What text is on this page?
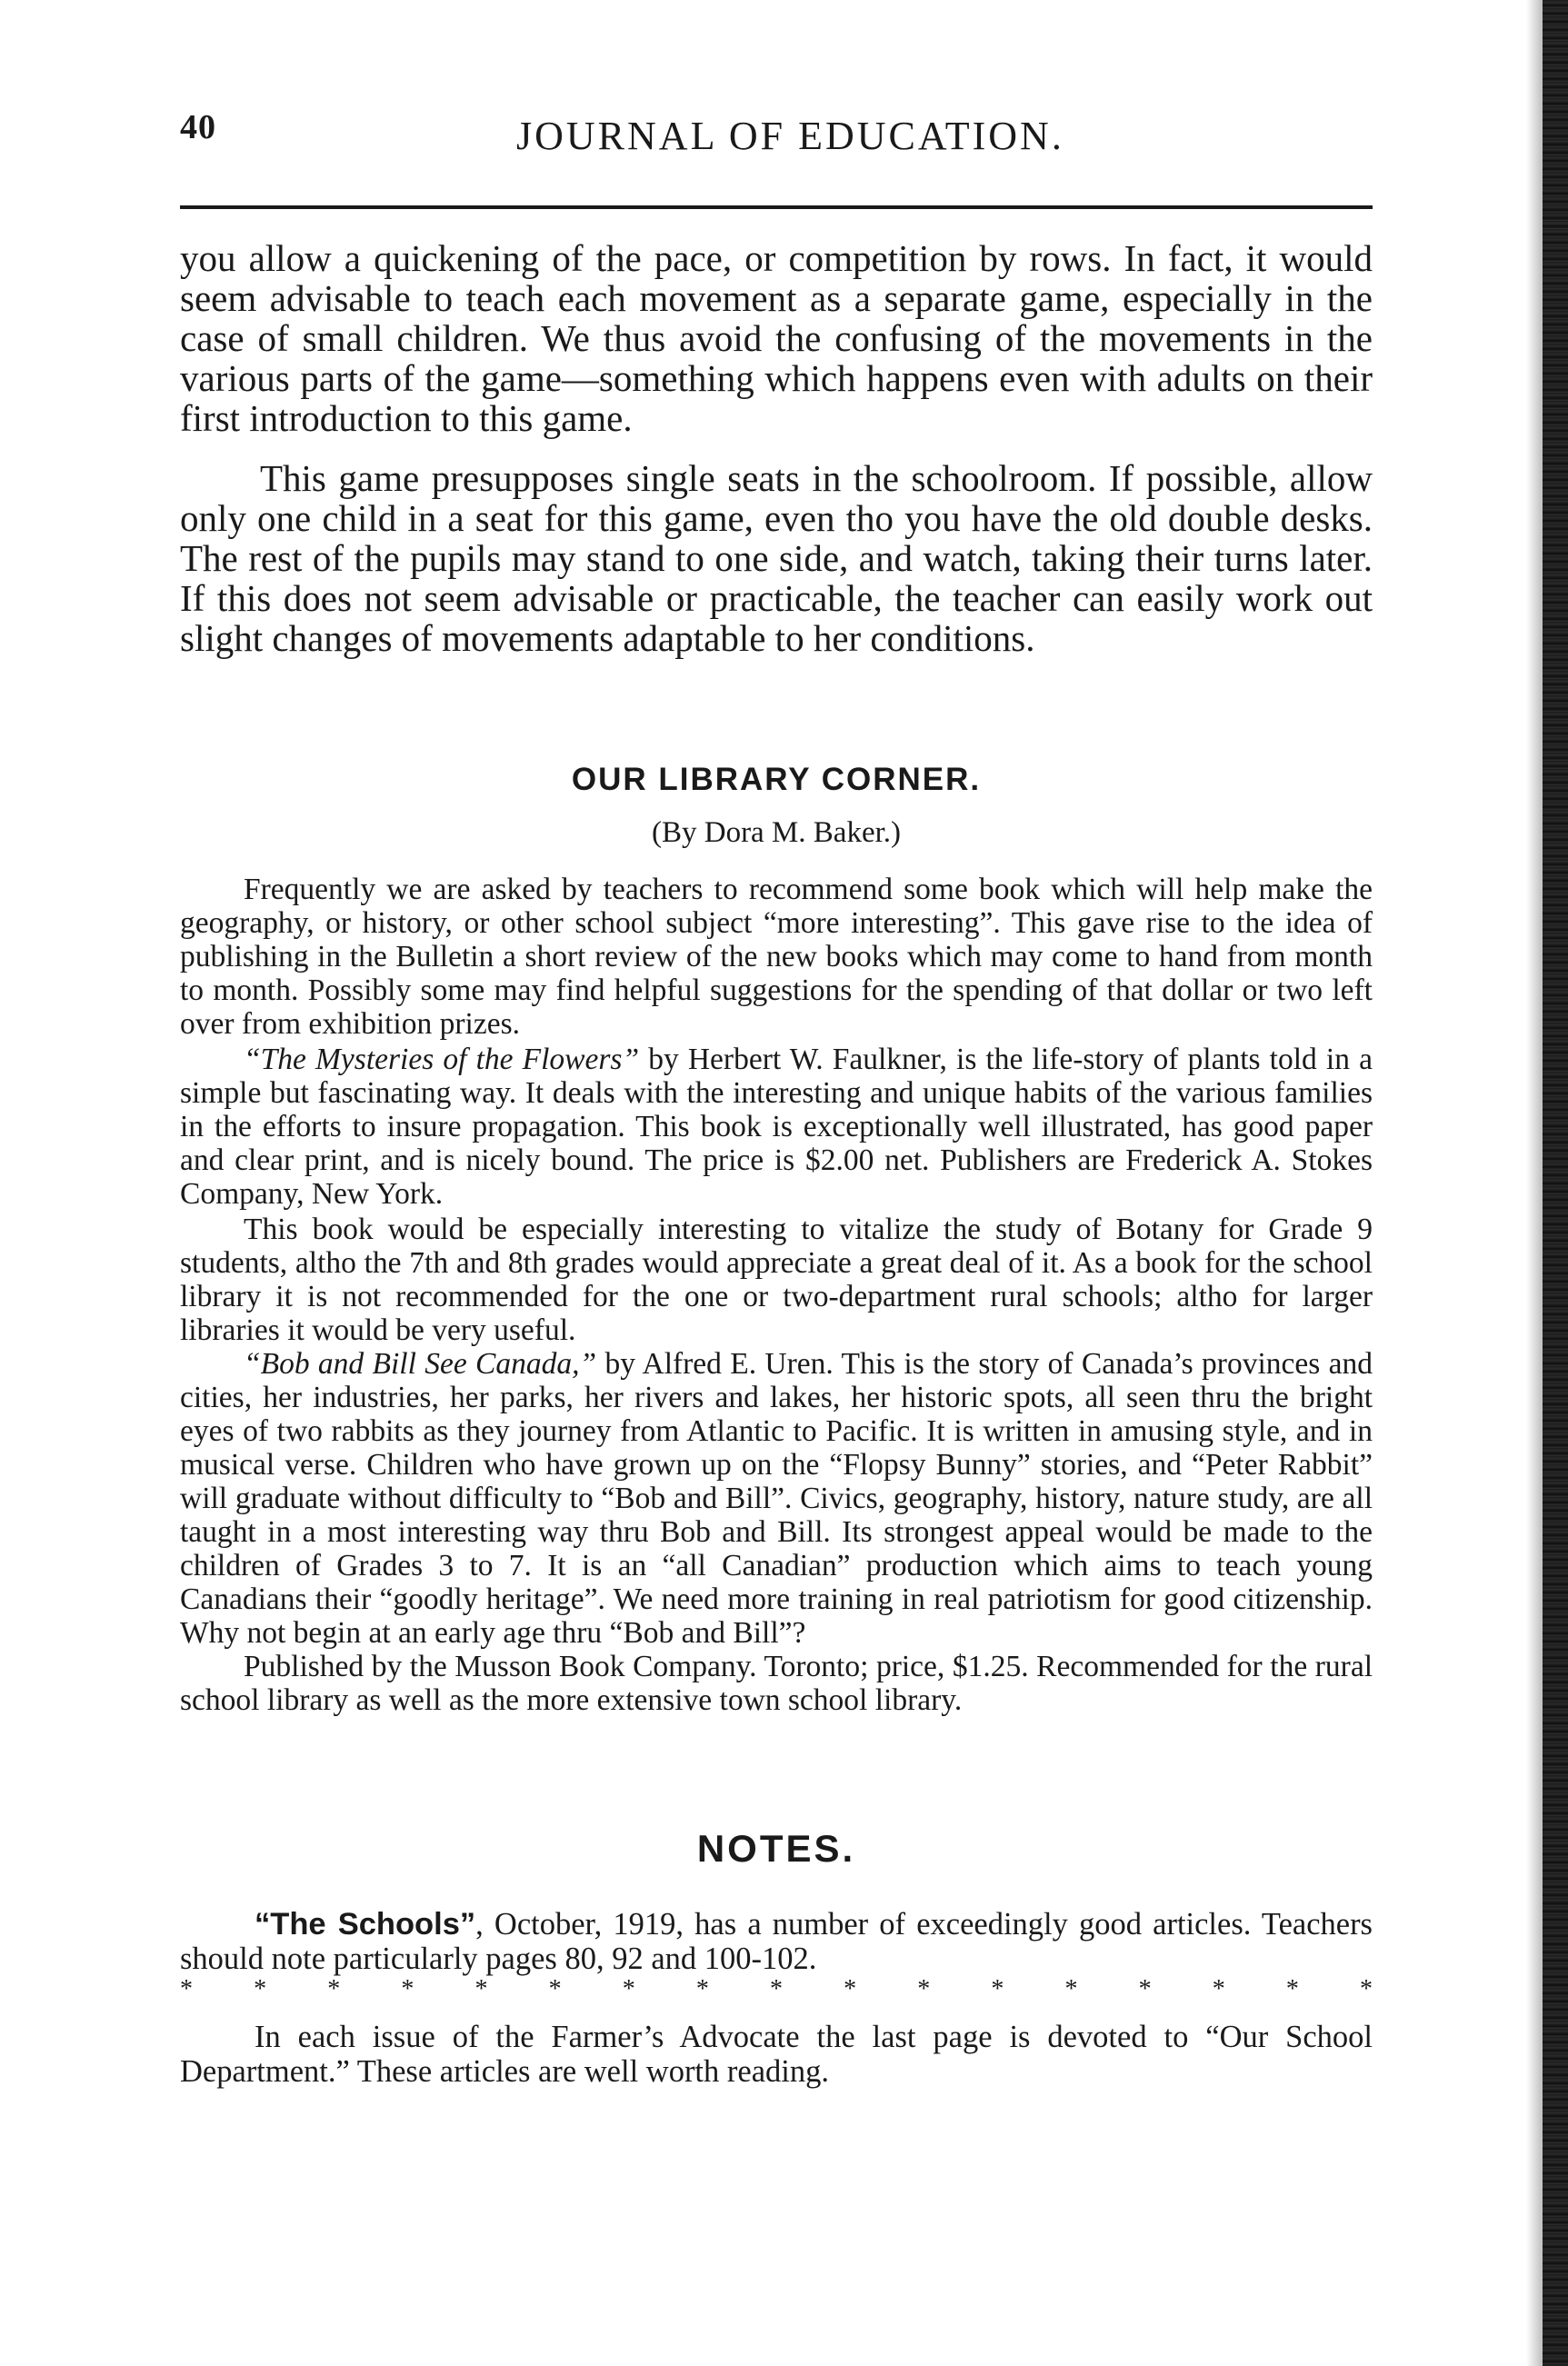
40	JOURNAL OF EDUCATION.

you allow a quickening of the pace, or competition by rows. In fact, it would seem advisable to teach each movement as a separate game, especially in the case of small children. We thus avoid the confusing of the movements in the various parts of the game—something which happens even with adults on their first introduction to this game.

This game presupposes single seats in the schoolroom. If possible, allow only one child in a seat for this game, even tho you have the old double desks. The rest of the pupils may stand to one side, and watch, taking their turns later. If this does not seem advisable or practicable, the teacher can easily work out slight changes of movements adaptable to her conditions.

OUR LIBRARY CORNER.
(By Dora M. Baker.)

Frequently we are asked by teachers to recommend some book which will help make the geography, or history, or other school subject “more interesting”. This gave rise to the idea of publishing in the Bulletin a short review of the new books which may come to hand from month to month. Possibly some may find helpful suggestions for the spending of that dollar or two left over from exhibition prizes.

“The Mysteries of the Flowers” by Herbert W. Faulkner, is the life-story of plants told in a simple but fascinating way. It deals with the interesting and unique habits of the various families in the efforts to insure propagation. This book is exceptionally well illustrated, has good paper and clear print, and is nicely bound. The price is $2.00 net. Publishers are Frederick A. Stokes Company, New York.

This book would be especially interesting to vitalize the study of Botany for Grade 9 students, altho the 7th and 8th grades would appreciate a great deal of it. As a book for the school library it is not recommended for the one or two-department rural schools; altho for larger libraries it would be very useful.

“Bob and Bill See Canada,” by Alfred E. Uren. This is the story of Canada’s provinces and cities, her industries, her parks, her rivers and lakes, her historic spots, all seen thru the bright eyes of two rabbits as they journey from Atlantic to Pacific. It is written in amusing style, and in musical verse. Children who have grown up on the “Flopsy Bunny” stories, and “Peter Rabbit” will graduate without difficulty to “Bob and Bill”. Civics, geography, history, nature study, are all taught in a most interesting way thru Bob and Bill. Its strongest appeal would be made to the children of Grades 3 to 7. It is an “all Canadian” production which aims to teach young Canadians their “goodly heritage”. We need more training in real patriotism for good citizenship. Why not begin at an early age thru “Bob and Bill”?

Published by the Musson Book Company. Toronto; price, $1.25. Recommended for the rural school library as well as the more extensive town school library.

NOTES.

“The Schools”, October, 1919, has a number of exceedingly good articles. Teachers should note particularly pages 80, 92 and 100-102.

* * * * * * * * * * * * * * * * *

In each issue of the Farmer’s Advocate the last page is devoted to “Our School Department.” These articles are well worth reading.
